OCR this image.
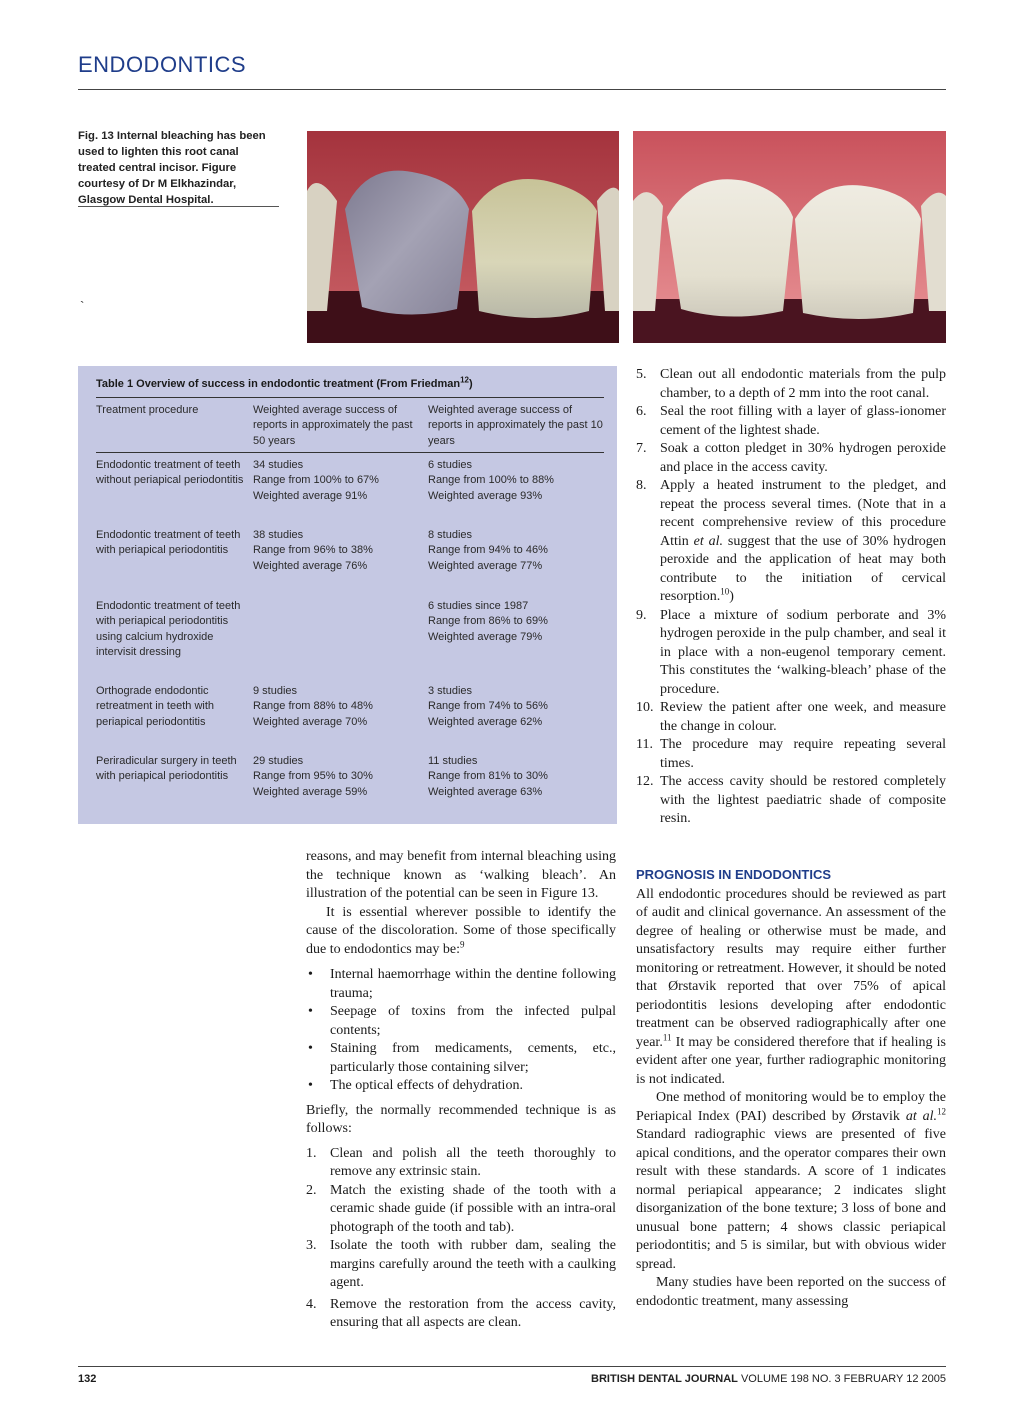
ENDODONTICS
Fig. 13 Internal bleaching has been used to lighten this root canal treated central incisor. Figure courtesy of Dr M Elkhazindar, Glasgow Dental Hospital.
`
Table 1 Overview of success in endodontic treatment (From Friedman$^{12}$)
Treatment procedure	Weighted average success of reports in approximately the past 50 years
Weighted average success of reports in approximately the past 10 years
Endodontic treatment of teeth without periapical periodontitis
34 studies
Range from 100% to 67%
Weighted average 91%
6 studies
Range from 100% to 88%
Weighted average 93%
Endodontic treatment of teeth with periapical periodontitis
38 studies
Range from 96% to 38%
Weighted average 76%
8 studies
Range from 94% to 46%
Weighted average 77%
Endodontic treatment of teeth with periapical periodontitis using calcium hydroxide intervisit dressing
6 studies since 1987
Range from 86% to 69%
Weighted average 79%
Orthograde endodontic retreatment in teeth with periapical periodontitis
9 studies
Range from 88% to 48%
Weighted average 70%
3 studies
Range from 74% to 56%
Weighted average 62%
Periradicular surgery in teeth with periapical periodontitis
29 studies
Range from 95% to 30%
Weighted average 59%
11 studies
Range from 81% to 30%
Weighted average 63%

reasons, and may benefit from internal bleaching using the technique known as ‘walking bleach’. An illustration of the potential can be seen in Figure 13.

It is essential wherever possible to identify the cause of the discoloration. Some of those specifically due to endodontics may be:$^9$

• Internal haemorrhage within the dentine following trauma;
• Seepage of toxins from the infected pulpal contents;
• Staining from medicaments, cements, etc., particularly those containing silver;
• The optical effects of dehydration.

Briefly, the normally recommended technique is as follows:

1. Clean and polish all the teeth thoroughly to remove any extrinsic stain.
2. Match the existing shade of the tooth with a ceramic shade guide (if possible with an intra-oral photograph of the tooth and tab).
3. Isolate the tooth with rubber dam, sealing the margins carefully around the teeth with a caulking agent.
4. Remove the restoration from the access cavity, ensuring that all aspects are clean.
5. Clean out all endodontic materials from the pulp chamber, to a depth of 2 mm into the root canal.
6. Seal the root filling with a layer of glass-ionomer cement of the lightest shade.
7. Soak a cotton pledget in 30% hydrogen peroxide and place in the access cavity.
8. Apply a heated instrument to the pledget, and repeat the process several times. (Note that in a recent comprehensive review of this procedure Attin et al. suggest that the use of 30% hydrogen peroxide and the application of heat may both contribute to the initiation of cervical resorption.$^{10}$)
9. Place a mixture of sodium perborate and 3% hydrogen peroxide in the pulp chamber, and seal it in place with a non-eugenol temporary cement. This constitutes the ‘walking-bleach’ phase of the procedure.
10. Review the patient after one week, and measure the change in colour.
11. The procedure may require repeating several times.
12. The access cavity should be restored completely with the lightest paediatric shade of composite resin.

PROGNOSIS IN ENDODONTICS

All endodontic procedures should be reviewed as part of audit and clinical governance. An assessment of the degree of healing or otherwise must be made, and unsatisfactory results may require either further monitoring or retreatment. However, it should be noted that Ørstavik reported that over 75% of apical periodontitis lesions developing after endodontic treatment can be observed radiographically after one year.$^{11}$ It may be considered therefore that if healing is evident after one year, further radiographic monitoring is not indicated.

One method of monitoring would be to employ the Periapical Index (PAI) described by Ørstavik at al.$^{12}$ Standard radiographic views are presented of five apical conditions, and the operator compares their own result with these standards. A score of 1 indicates normal periapical appearance; 2 indicates slight disorganization of the bone texture; 3 loss of bone and unusual bone pattern; 4 shows classic periapical periodontitis; and 5 is similar, but with obvious wider spread.

Many studies have been reported on the success of endodontic treatment, many assessing

132	BRITISH DENTAL JOURNAL VOLUME 198 NO. 3 FEBRUARY 12 2005
